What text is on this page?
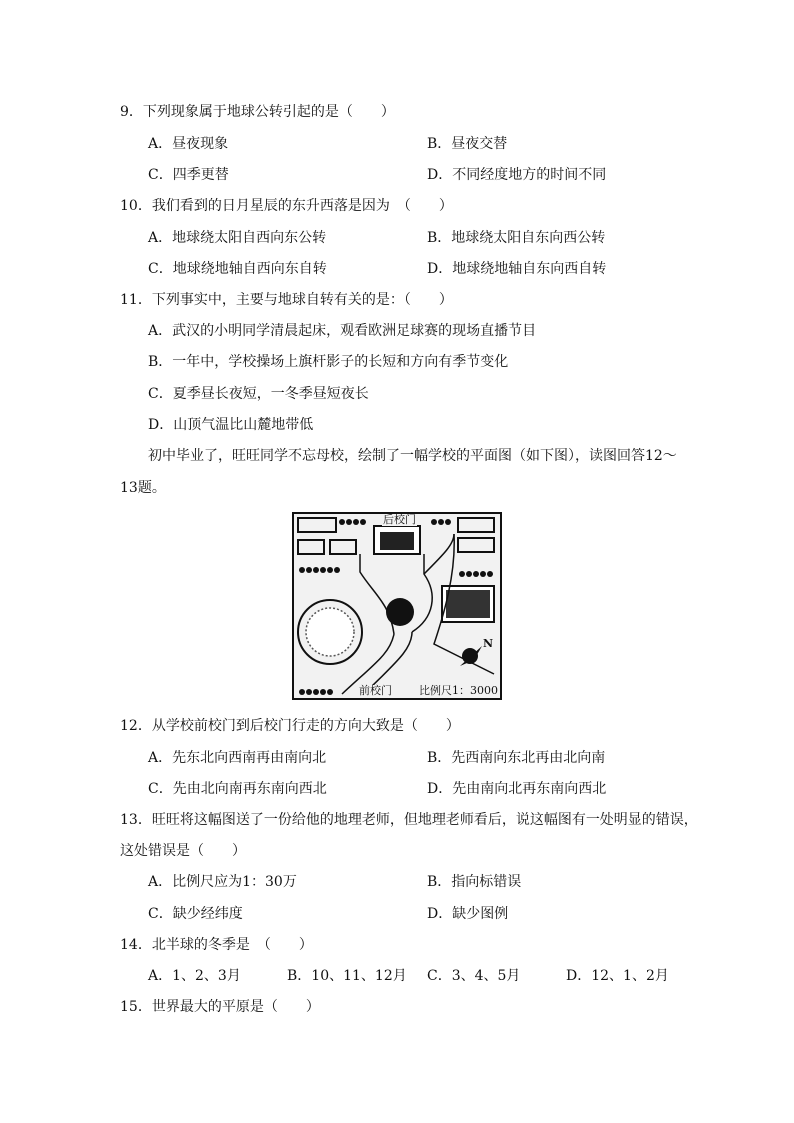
9．下列现象属于地球公转引起的是（　　）
A．昼夜现象	B．昼夜交替
C．四季更替	D．不同经度地方的时间不同
10．我们看到的日月星辰的东升西落是因为　（　　）
A．地球绕太阳自西向东公转	B．地球绕太阳自东向西公转
C．地球绕地轴自西向东自转	D．地球绕地轴自东向西自转
11．下列事实中，主要与地球自转有关的是：（　　）
A．武汉的小明同学清晨起床，观看欧洲足球赛的现场直播节目
B．一年中，学校操场上旗杆影子的长短和方向有季节变化
C．夏季昼长夜短，一冬季昼短夜长
D．山顶气温比山麓地带低
初中毕业了，旺旺同学不忘母校，绘制了一幅学校的平面图（如下图），读图回答12～
13题。
后校门
前校门 比例尺1：3000
N
12．从学校前校门到后校门行走的方向大致是（　　）
A．先东北向西南再由南向北	B．先西南向东北再由北向南
C．先由北向南再东南向西北	D．先由南向北再东南向西北
13．旺旺将这幅图送了一份给他的地理老师，但地理老师看后，说这幅图有一处明显的错误，
这处错误是（　　）
A．比例尺应为1：30万	B．指向标错误
C．缺少经纬度	D．缺少图例
14．北半球的冬季是　（　　）
A．1、2、3月	B．10、11、12月 C．3、4、5月	D．12、1、2月
15．世界最大的平原是（　　）
